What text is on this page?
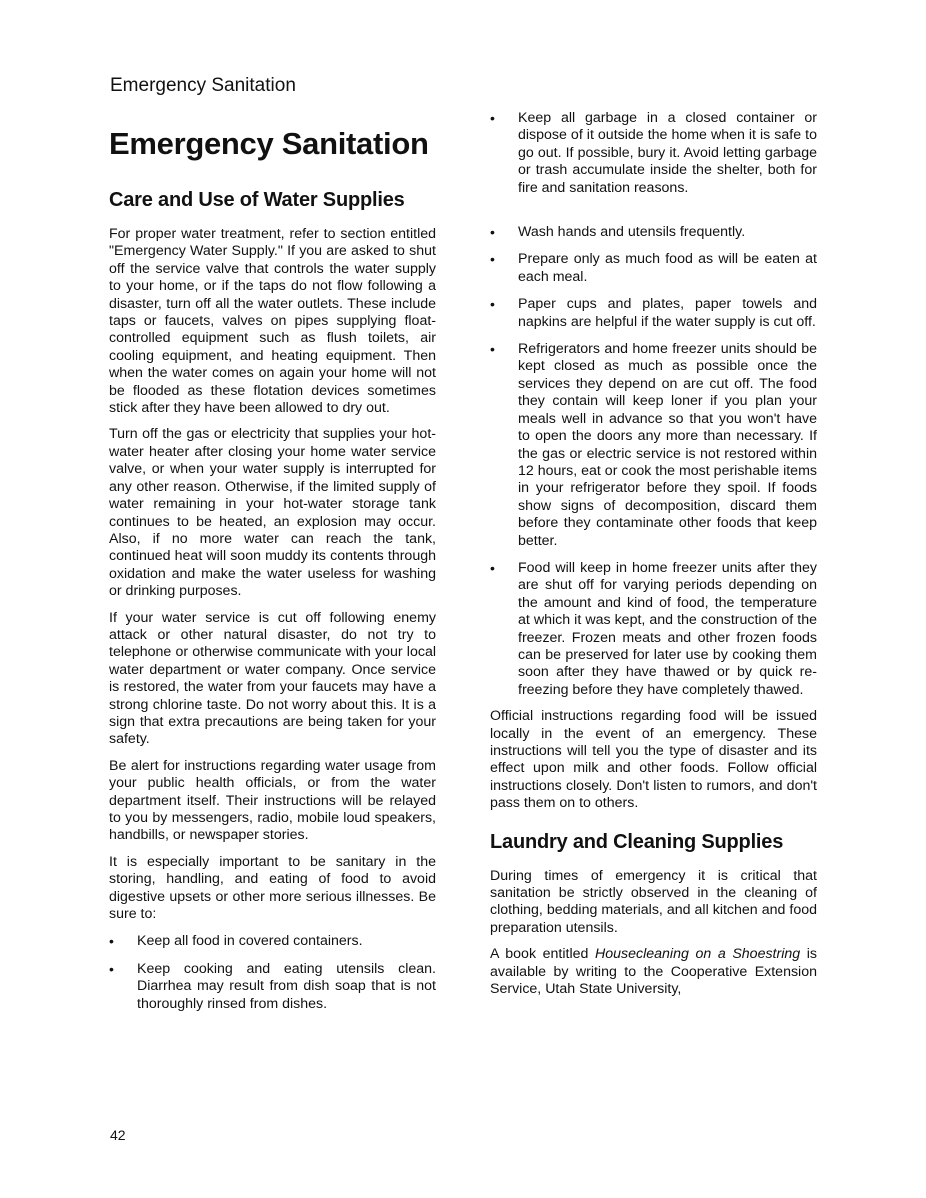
Emergency Sanitation
Emergency Sanitation
Care and Use of Water Supplies

For proper water treatment, refer to section entitled "Emergency Water Supply." If you are asked to shut off the service valve that controls the water supply to your home, or if the taps do not flow following a disaster, turn off all the water outlets. These include taps or faucets, valves on pipes supplying float-controlled equipment such as flush toilets, air cooling equipment, and heating equipment. Then when the water comes on again your home will not be flooded as these flotation devices sometimes stick after they have been allowed to dry out.

Turn off the gas or electricity that supplies your hot-water heater after closing your home water service valve, or when your water supply is interrupted for any other reason. Otherwise, if the limited supply of water remaining in your hot-water storage tank continues to be heated, an explosion may occur. Also, if no more water can reach the tank, continued heat will soon muddy its contents through oxidation and make the water useless for washing or drinking purposes.

If your water service is cut off following enemy attack or other natural disaster, do not try to telephone or otherwise communicate with your local water department or water company. Once service is restored, the water from your faucets may have a strong chlorine taste. Do not worry about this. It is a sign that extra precautions are being taken for your safety.

Be alert for instructions regarding water usage from your public health officials, or from the water department itself. Their instructions will be relayed to you by messengers, radio, mobile loud speakers, handbills, or newspaper stories.

It is especially important to be sanitary in the storing, handling, and eating of food to avoid digestive upsets or other more serious illnesses. Be sure to:

• Keep all food in covered containers.
• Keep cooking and eating utensils clean. Diarrhea may result from dish soap that is not thoroughly rinsed from dishes.
• Keep all garbage in a closed container or dispose of it outside the home when it is safe to go out. If possible, bury it. Avoid letting garbage or trash accumulate inside the shelter, both for fire and sanitation reasons.
• Wash hands and utensils frequently.
• Prepare only as much food as will be eaten at each meal.
• Paper cups and plates, paper towels and napkins are helpful if the water supply is cut off.
• Refrigerators and home freezer units should be kept closed as much as possible once the services they depend on are cut off. The food they contain will keep loner if you plan your meals well in advance so that you won't have to open the doors any more than necessary. If the gas or electric service is not restored within 12 hours, eat or cook the most perishable items in your refrigerator before they spoil. If foods show signs of decomposition, discard them before they contaminate other foods that keep better.
• Food will keep in home freezer units after they are shut off for varying periods depending on the amount and kind of food, the temperature at which it was kept, and the construction of the freezer. Frozen meats and other frozen foods can be preserved for later use by cooking them soon after they have thawed or by quick re-freezing before they have completely thawed.

Official instructions regarding food will be issued locally in the event of an emergency. These instructions will tell you the type of disaster and its effect upon milk and other foods. Follow official instructions closely. Don't listen to rumors, and don't pass them on to others.

Laundry and Cleaning Supplies

During times of emergency it is critical that sanitation be strictly observed in the cleaning of clothing, bedding materials, and all kitchen and food preparation utensils.

A book entitled Housecleaning on a Shoestring is available by writing to the Cooperative Extension Service, Utah State University,

42
